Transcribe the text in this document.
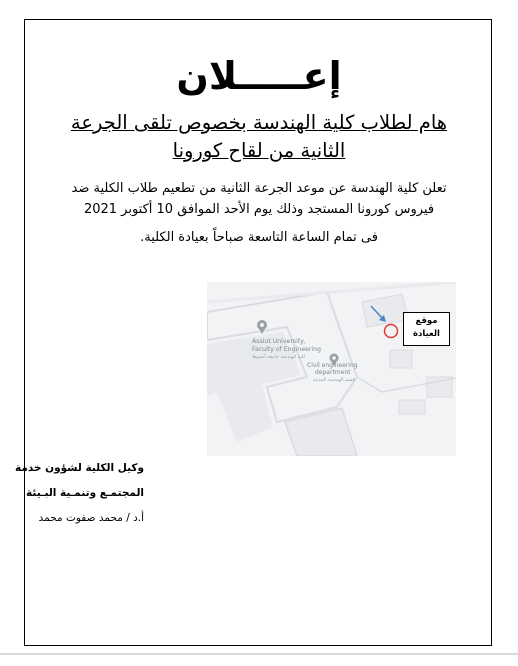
إعـــــلان
هام لطلاب كلية الهندسة بخصوص تلقى الجرعة
الثانية من لقاح كورونا
تعلن كلية الهندسة عن موعد الجرعة الثانية من تطعيم طلاب الكلية ضد
فيروس كورونا المستجد وذلك يوم الأحد الموافق 10 أكتوبر 2021
فى تمام الساعة التاسعة صباحاً بعيادة الكلية.
Assiut University,
Faculty of Engineering
كلية الهندسة جامعة أسيوط
Civil engineering
department
قسم الهندسة المدنية
موقع
العيادة
وكيل الكلية لشؤون خدمة
المجتمـع وتنمـية البـيئة
أ.د / محمد صفوت محمد
